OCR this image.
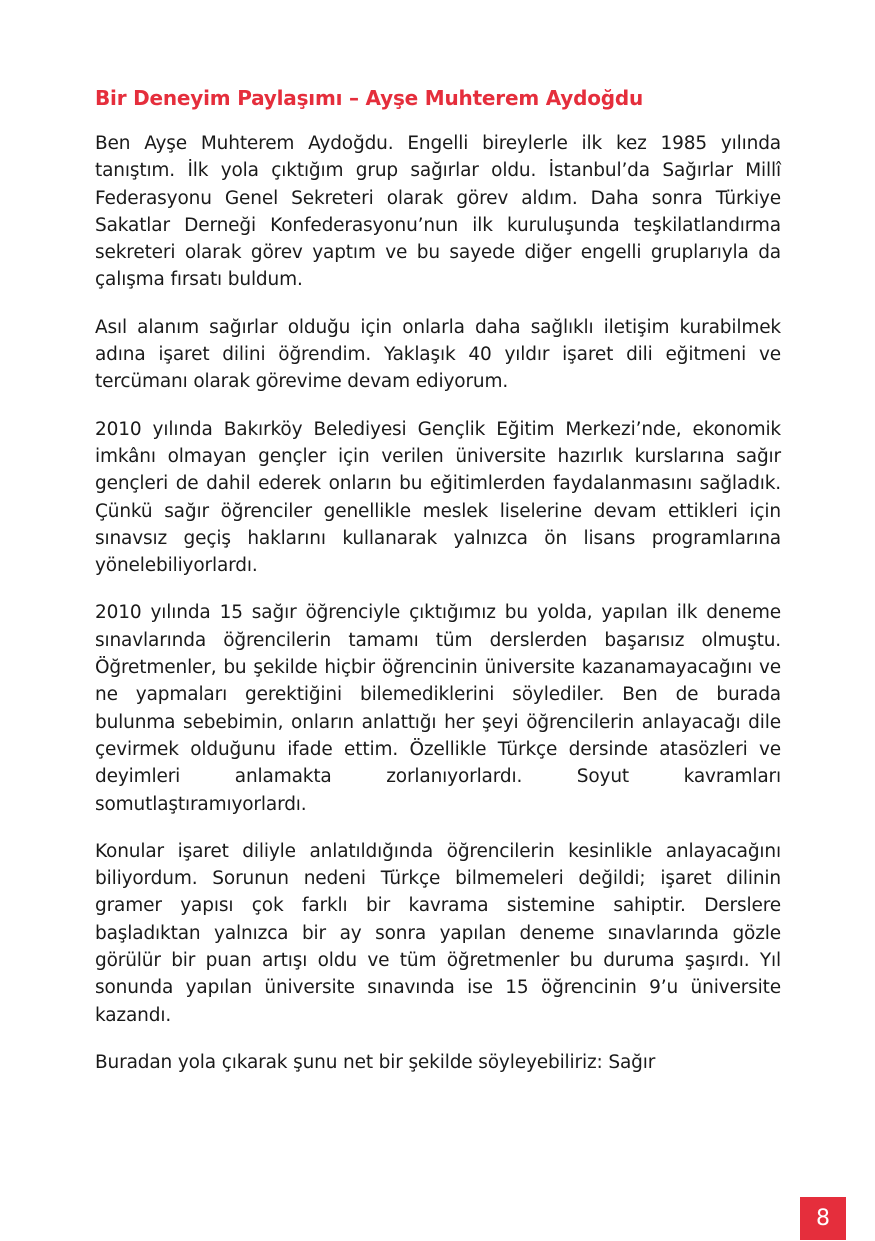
Bir Deneyim Paylaşımı – Ayşe Muhterem Aydoğdu

Ben Ayşe Muhterem Aydoğdu. Engelli bireylerle ilk kez 1985 yılında tanıştım. İlk yola çıktığım grup sağırlar oldu. İstanbul’da Sağırlar Millî Federasyonu Genel Sekreteri olarak görev aldım. Daha sonra Türkiye Sakatlar Derneği Konfederasyonu’nun ilk kuruluşunda teşkilatlandırma sekreteri olarak görev yaptım ve bu sayede diğer engelli gruplarıyla da çalışma fırsatı buldum.

Asıl alanım sağırlar olduğu için onlarla daha sağlıklı iletişim kurabilmek adına işaret dilini öğrendim. Yaklaşık 40 yıldır işaret dili eğitmeni ve tercümanı olarak görevime devam ediyorum.

2010 yılında Bakırköy Belediyesi Gençlik Eğitim Merkezi’nde, ekonomik imkânı olmayan gençler için verilen üniversite hazırlık kurslarına sağır gençleri de dahil ederek onların bu eğitimlerden faydalanmasını sağladık. Çünkü sağır öğrenciler genellikle meslek liselerine devam ettikleri için sınavsız geçiş haklarını kullanarak yalnızca ön lisans programlarına yönelebiliyorlardı.

2010 yılında 15 sağır öğrenciyle çıktığımız bu yolda, yapılan ilk deneme sınavlarında öğrencilerin tamamı tüm derslerden başarısız olmuştu. Öğretmenler, bu şekilde hiçbir öğrencinin üniversite kazanamayacağını ve ne yapmaları gerektiğini bilemediklerini söylediler. Ben de burada bulunma sebebimin, onların anlattığı her şeyi öğrencilerin anlayacağı dile çevirmek olduğunu ifade ettim. Özellikle Türkçe dersinde atasözleri ve deyimleri anlamakta zorlanıyorlardı. Soyut kavramları somutlaştıramıyorlardı.

Konular işaret diliyle anlatıldığında öğrencilerin kesinlikle anlayacağını biliyordum. Sorunun nedeni Türkçe bilmemeleri değildi; işaret dilinin gramer yapısı çok farklı bir kavrama sistemine sahiptir. Derslere başladıktan yalnızca bir ay sonra yapılan deneme sınavlarında gözle görülür bir puan artışı oldu ve tüm öğretmenler bu duruma şaşırdı. Yıl sonunda yapılan üniversite sınavında ise 15 öğrencinin 9’u üniversite kazandı.

Buradan yola çıkarak şunu net bir şekilde söyleyebiliriz: Sağır

8
